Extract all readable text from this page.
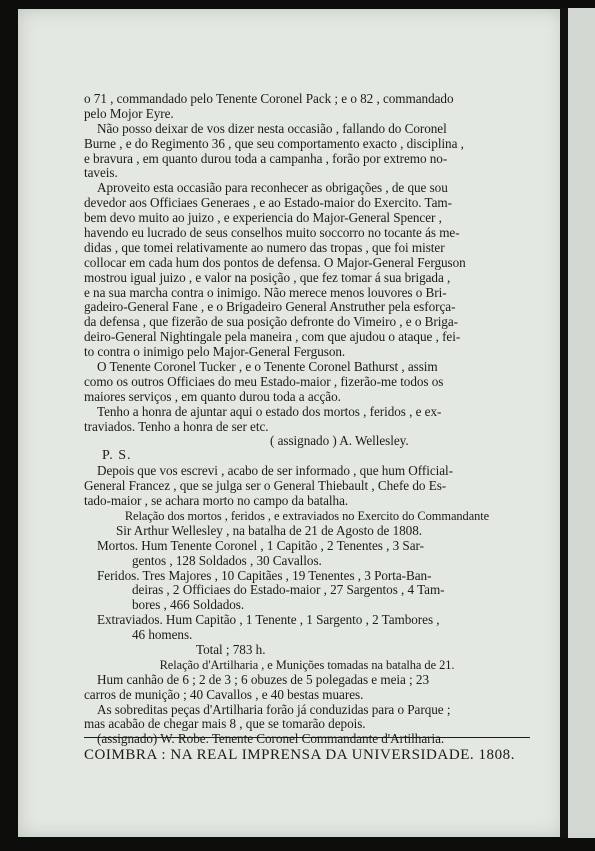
o 71 , commandado pelo Tenente Coronel Pack ; e o 82 , commandado
pelo Mojor Eyre.
Não posso deixar de vos dizer nesta occasião , fallando do Coronel
Burne , e do Regimento 36 , que seu comportamento exacto , disciplina ,
e bravura , em quanto durou toda a campanha , forão por extremo no-
taveis.
Aproveito esta occasião para reconhecer as obrigações , de que sou
devedor aos Officiaes Generaes , e ao Estado-maior do Exercito. Tam-
bem devo muito ao juizo , e experiencia do Major-General Spencer ,
havendo eu lucrado de seus conselhos muito soccorro no tocante ás me-
didas , que tomei relativamente ao numero das tropas , que foi mister
collocar em cada hum dos pontos de defensa. O Major-General Ferguson
mostrou igual juizo , e valor na posição , que fez tomar á sua brigada ,
e na sua marcha contra o inimigo. Não merece menos louvores o Bri-
gadeiro-General Fane , e o Brigadeiro General Anstruther pela esforça-
da defensa , que fizerão de sua posição defronte do Vimeiro , e o Briga-
deiro-General Nightingale pela maneira , com que ajudou o ataque , fei-
to contra o inimigo pelo Major-General Ferguson.
O Tenente Coronel Tucker , e o Tenente Coronel Bathurst , assim
como os outros Officiaes do meu Estado-maior , fizerão-me todos os
maiores serviços , em quanto durou toda a acção.
Tenho a honra de ajuntar aqui o estado dos mortos , feridos , e ex-
traviados. Tenho a honra de ser etc.
( assignado ) A. Wellesley.
P. S.
Depois que vos escrevi , acabo de ser informado , que hum Official-
General Francez , que se julga ser o General Thiebault , Chefe do Es-
tado-maior , se achara morto no campo da batalha.
Relação dos mortos , feridos , e extraviados no Exercito do Commandante
Sir Arthur Wellesley , na batalha de 21 de Agosto de 1808.
Mortos. Hum Tenente Coronel , 1 Capitão , 2 Tenentes , 3 Sar-
gentos , 128 Soldados , 30 Cavallos.
Feridos. Tres Majores , 10 Capitães , 19 Tenentes , 3 Porta-Ban-
deiras , 2 Officiaes do Estado-maior , 27 Sargentos , 4 Tam-
bores , 466 Soldados.
Extraviados. Hum Capitão , 1 Tenente , 1 Sargento , 2 Tambores ,
46 homens.
Total ; 783 h.
Relação d'Artilharia , e Munições tomadas na batalha de 21.
Hum canhão de 6 ; 2 de 3 ; 6 obuzes de 5 polegadas e meia ; 23
carros de munição ; 40 Cavallos , e 40 bestas muares.
As sobreditas peças d'Artilharia forão já conduzidas para o Parque ;
mas acabão de chegar mais 8 , que se tomarão depois.
(assignado) W. Robe. Tenente Coronel Commandante d'Artilharia.
COIMBRA : NA REAL IMPRENSA DA UNIVERSIDADE. 1808.
